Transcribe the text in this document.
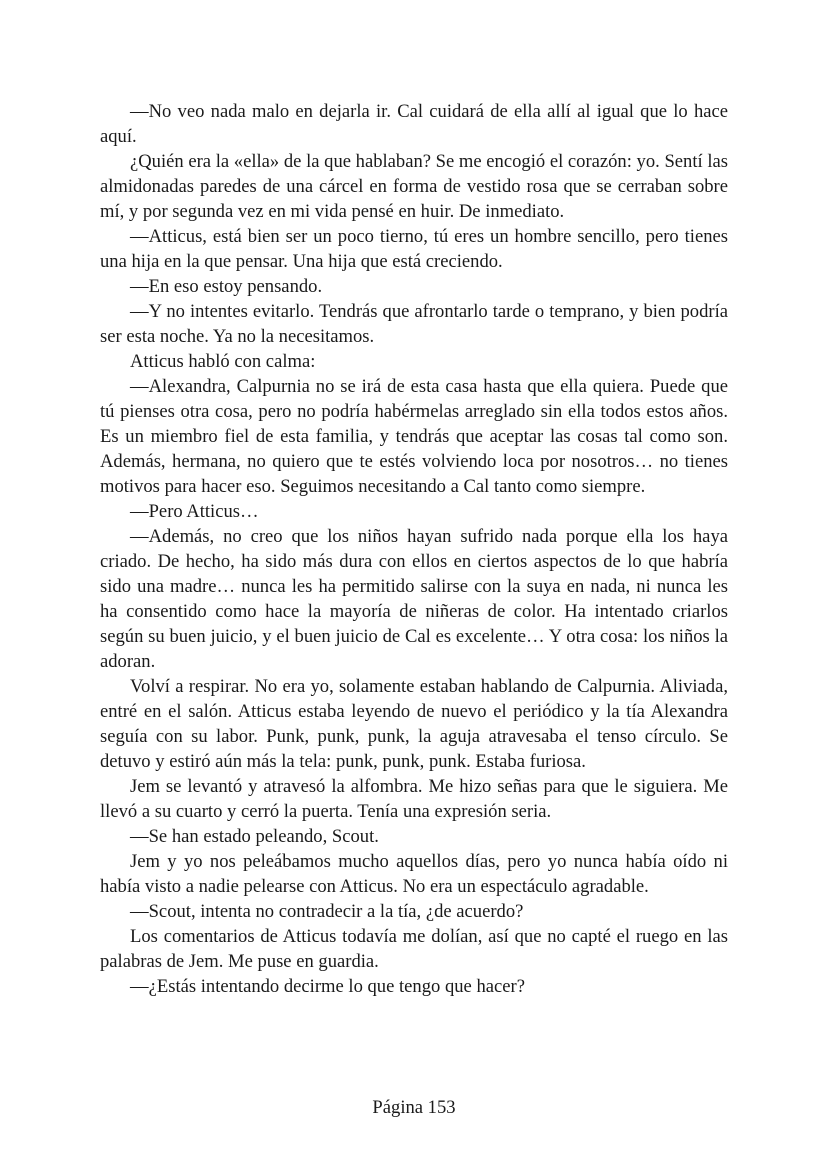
—No veo nada malo en dejarla ir. Cal cuidará de ella allí al igual que lo hace aquí.

¿Quién era la «ella» de la que hablaban? Se me encogió el corazón: yo. Sentí las almidonadas paredes de una cárcel en forma de vestido rosa que se cerraban sobre mí, y por segunda vez en mi vida pensé en huir. De inmediato.

—Atticus, está bien ser un poco tierno, tú eres un hombre sencillo, pero tienes una hija en la que pensar. Una hija que está creciendo.

—En eso estoy pensando.

—Y no intentes evitarlo. Tendrás que afrontarlo tarde o temprano, y bien podría ser esta noche. Ya no la necesitamos.

Atticus habló con calma:

—Alexandra, Calpurnia no se irá de esta casa hasta que ella quiera. Puede que tú pienses otra cosa, pero no podría habérmelas arreglado sin ella todos estos años. Es un miembro fiel de esta familia, y tendrás que aceptar las cosas tal como son. Además, hermana, no quiero que te estés volviendo loca por nosotros… no tienes motivos para hacer eso. Seguimos necesitando a Cal tanto como siempre.

—Pero Atticus…

—Además, no creo que los niños hayan sufrido nada porque ella los haya criado. De hecho, ha sido más dura con ellos en ciertos aspectos de lo que habría sido una madre… nunca les ha permitido salirse con la suya en nada, ni nunca les ha consentido como hace la mayoría de niñeras de color. Ha intentado criarlos según su buen juicio, y el buen juicio de Cal es excelente… Y otra cosa: los niños la adoran.

Volví a respirar. No era yo, solamente estaban hablando de Calpurnia. Aliviada, entré en el salón. Atticus estaba leyendo de nuevo el periódico y la tía Alexandra seguía con su labor. Punk, punk, punk, la aguja atravesaba el tenso círculo. Se detuvo y estiró aún más la tela: punk, punk, punk. Estaba furiosa.

Jem se levantó y atravesó la alfombra. Me hizo señas para que le siguiera. Me llevó a su cuarto y cerró la puerta. Tenía una expresión seria.

—Se han estado peleando, Scout.

Jem y yo nos peleábamos mucho aquellos días, pero yo nunca había oído ni había visto a nadie pelearse con Atticus. No era un espectáculo agradable.

—Scout, intenta no contradecir a la tía, ¿de acuerdo?

Los comentarios de Atticus todavía me dolían, así que no capté el ruego en las palabras de Jem. Me puse en guardia.

—¿Estás intentando decirme lo que tengo que hacer?

Página 153
